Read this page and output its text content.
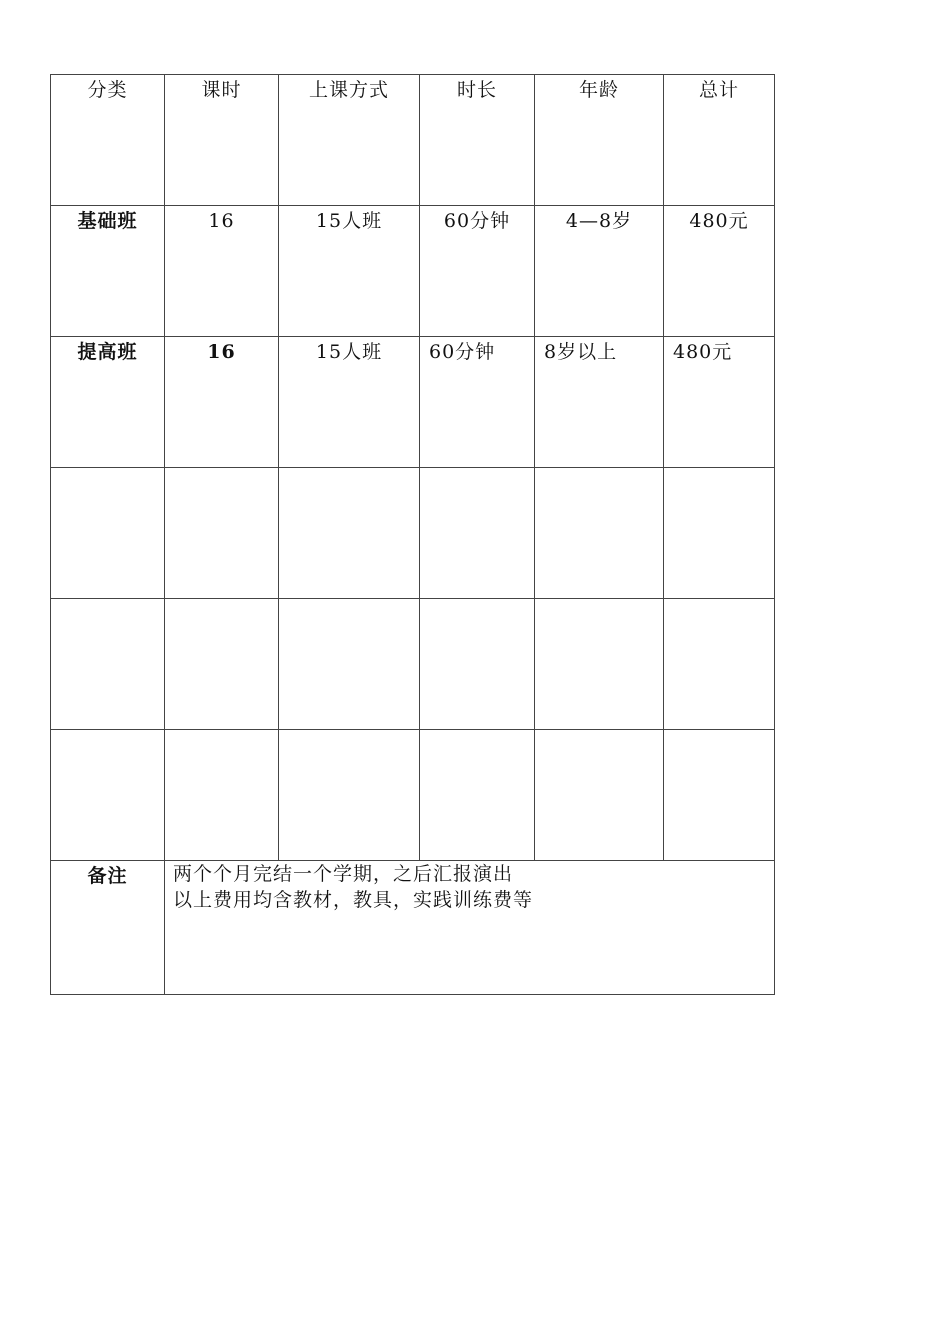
分类	课时	上课方式	时长	年龄	总计
基础班	16	15人班	60分钟	4—8岁	480元
提高班	16	15人班	60分钟	8岁以上	480元

备注	两个个月完结一个学期，之后汇报演出
以上费用均含教材，教具，实践训练费等				
